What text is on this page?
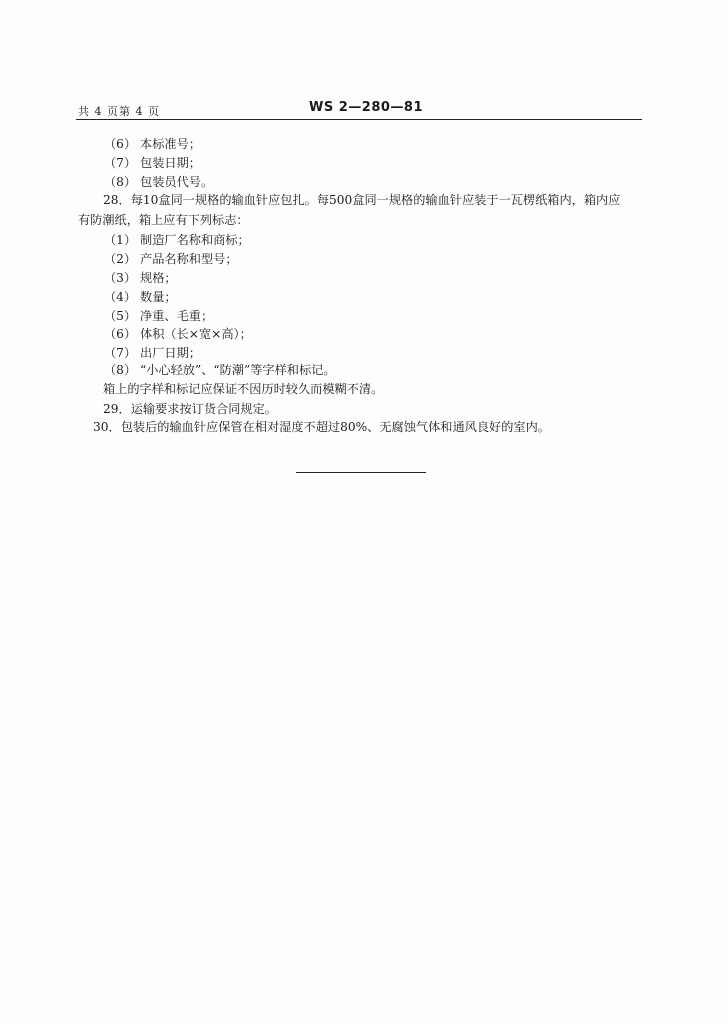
共 4 页第 4 页	WS 2—280—81
（6） 本标准号；
（7） 包装日期；
（8） 包装员代号。
28．每10盒同一规格的输血针应包扎。每500盒同一规格的输血针应装于一瓦楞纸箱内，箱内应
有防潮纸，箱上应有下列标志：
（1） 制造厂名称和商标；
（2） 产品名称和型号；
（3） 规格；
（4） 数量；
（5） 净重、毛重；
（6） 体积（长×宽×高）；
（7） 出厂日期；
（8） “小心轻放”、“防潮”等字样和标记。
箱上的字样和标记应保证不因历时较久而模糊不清。
29．运输要求按订货合同规定。
30．包装后的输血针应保管在相对湿度不超过80%、无腐蚀气体和通风良好的室内。
